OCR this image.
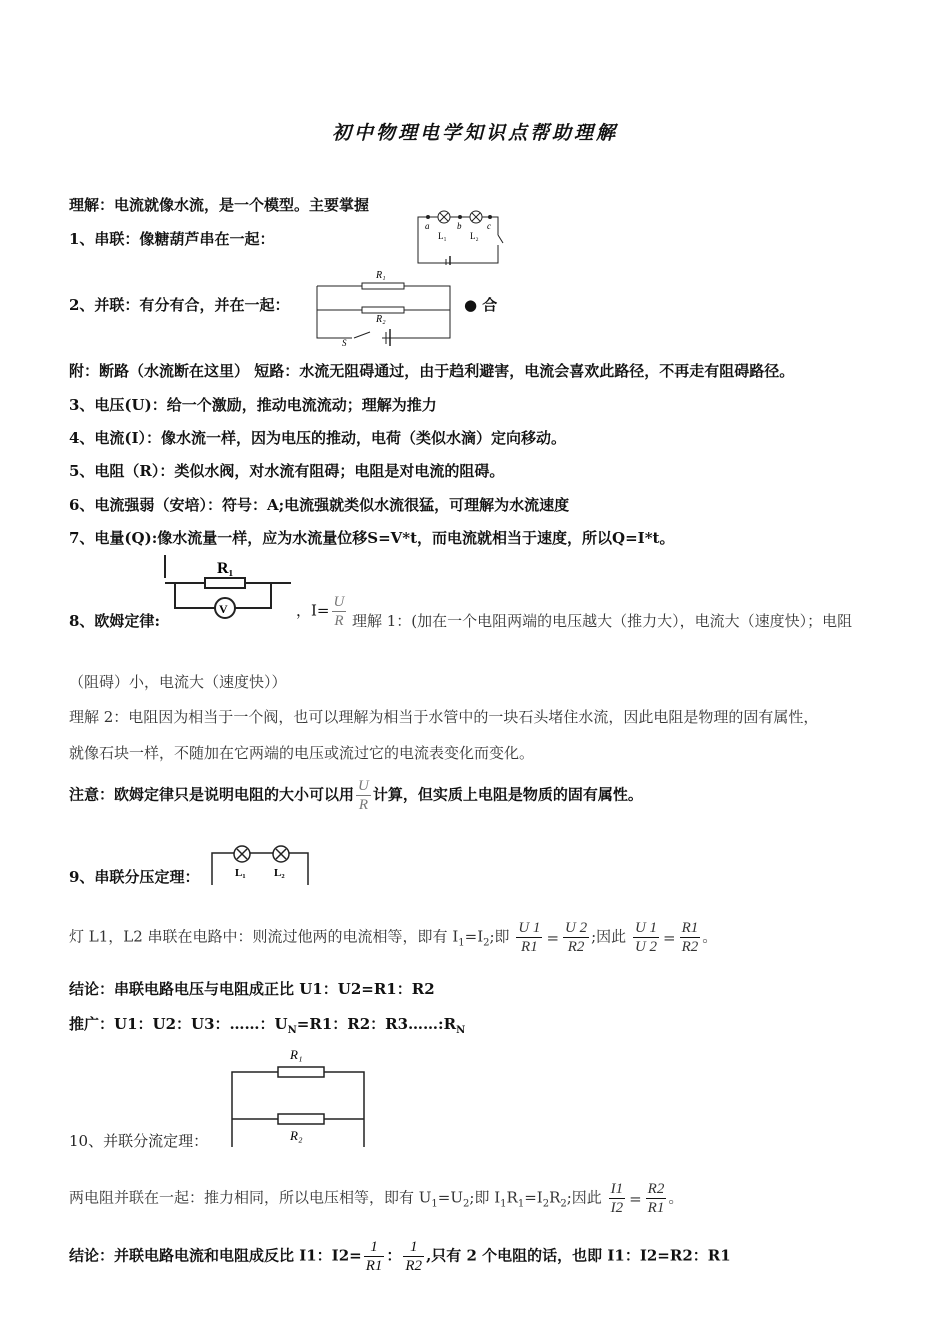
初中物理电学知识点帮助理解
理解：电流就像水流，是一个模型。主要掌握
1、串联：像糖葫芦串在一起：
a	b	c
L₁	L₂
2、并联：有分有合，并在一起：
R₁
R₂
S
● 合
附：断路（水流断在这里） 短路：水流无阻碍通过，由于趋利避害，电流会喜欢此路径，不再走有阻碍路径。
3、电压(U)：给一个激励，推动电流流动；理解为推力
4、电流(I）：像水流一样，因为电压的推动，电荷（类似水滴）定向移动。
5、电阻（R）：类似水阀，对水流有阻碍；电阻是对电流的阻碍。
6、电流强弱（安培）：符号：A;电流强就类似水流很猛，可理解为水流速度
7、电量(Q):像水流量一样，应为水流量位移S=V*t，而电流就相当于速度，所以Q=I*t。
8、欧姆定律:
R₁
V	，$I= \frac{U}{R}$ 理解 1：(加在一个电阻两端的电压越大（推力大），电流大（速度快）；电阻
（阻碍）小，电流大（速度快））
理解 2：电阻因为相当于一个阀，也可以理解为相当于水管中的一块石头堵住水流，因此电阻是物理的固有属性，
就像石块一样，不随加在它两端的电压或流过它的电流表变化而变化。
注意：欧姆定律只是说明电阻的大小可以用 $\frac{U}{R}$ 计算，但实质上电阻是物质的固有属性。
9、串联分压定理：	L₁	L₂
灯 L1，L2 串联在电路中：则流过他两的电流相等，即有 $I_1=I_2$;即 $\frac{U 1}{R1} = \frac{U 2}{R2}$ ;因此 $\frac{U 1}{U 2} = \frac{R1}{R2}$ 。
结论：串联电路电压与电阻成正比 U1：U2=R1：R2
推广：U1：U2：U3：……：$U_N=R1$：R2：$R3\dots\dots:R_N$
R₁
R₂
10、并联分流定理：
两电阻并联在一起：推力相同，所以电压相等，即有 $U_1=U_2$;即 $I_1R_1=I_2R_2$;因此 $\frac{I1}{I2} = \frac{R2}{R1}$ 。
结论：并联电路电流和电阻成反比 I1：$I2= \frac{1}{R1}$ ： $\frac{1}{R2}$ ,只有 2 个电阻的话，也即 I1：I2=R2：R1
